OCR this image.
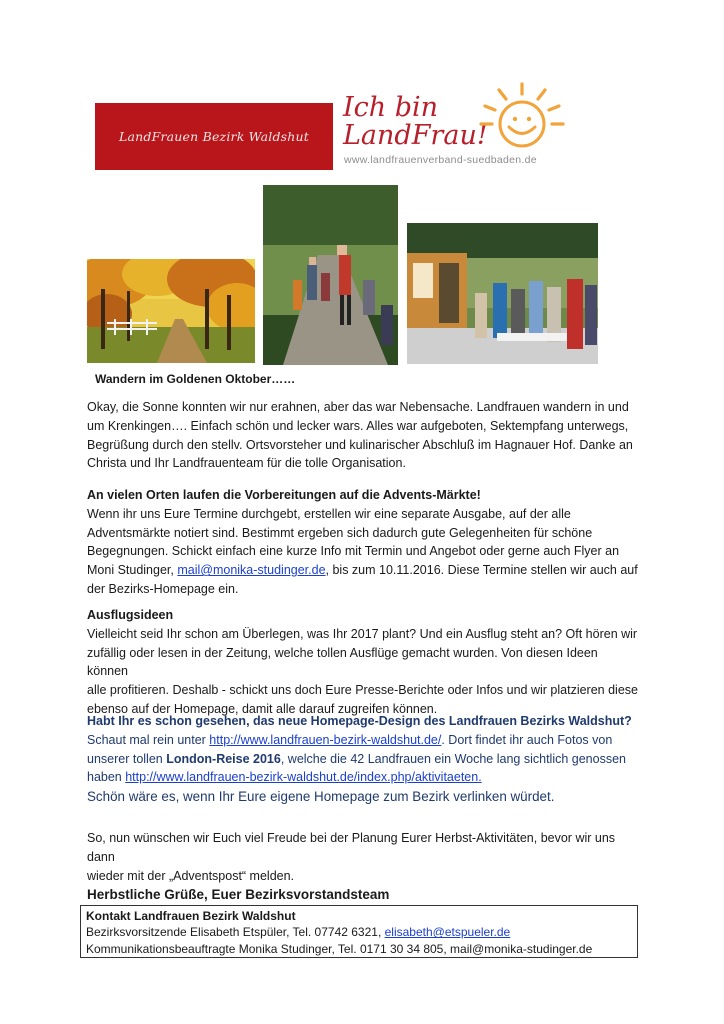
LandFrauen Bezirk Waldshut
Ich bin
LandFrau!
www.landfrauenverband-suedbaden.de
Wandern im Goldenen Oktober……
Okay, die Sonne konnten wir nur erahnen, aber das war Nebensache. Landfrauen wandern in und
um Krenkingen…. Einfach schön und lecker wars. Alles war aufgeboten, Sektempfang unterwegs,
Begrüßung durch den stellv. Ortsvorsteher und kulinarischer Abschluß im Hagnauer Hof. Danke an
Christa und Ihr Landfrauenteam für die tolle Organisation.
An vielen Orten laufen die Vorbereitungen auf die Advents-Märkte!
Wenn ihr uns Eure Termine durchgebt, erstellen wir eine separate Ausgabe, auf der alle
Adventsmärkte notiert sind. Bestimmt ergeben sich dadurch gute Gelegenheiten für schöne
Begegnungen. Schickt einfach eine kurze Info mit Termin und Angebot oder gerne auch Flyer an
Moni Studinger, mail@monika-studinger.de, bis zum 10.11.2016. Diese Termine stellen wir auch auf
der Bezirks-Homepage ein.
Ausflugsideen
Vielleicht seid Ihr schon am Überlegen, was Ihr 2017 plant? Und ein Ausflug steht an? Oft hören wir
zufällig oder lesen in der Zeitung, welche tollen Ausflüge gemacht wurden. Von diesen Ideen können
alle profitieren. Deshalb - schickt uns doch Eure Presse-Berichte oder Infos und wir platzieren diese
ebenso auf der Homepage, damit alle darauf zugreifen können.
Habt Ihr es schon gesehen, das neue Homepage-Design des Landfrauen Bezirks Waldshut?
Schaut mal rein unter http://www.landfrauen-bezirk-waldshut.de/. Dort findet ihr auch Fotos von
unserer tollen London-Reise 2016, welche die 42 Landfrauen ein Woche lang sichtlich genossen
haben http://www.landfrauen-bezirk-waldshut.de/index.php/aktivitaeten.
Schön wäre es, wenn Ihr Eure eigene Homepage zum Bezirk verlinken würdet.
So, nun wünschen wir Euch viel Freude bei der Planung Eurer Herbst-Aktivitäten, bevor wir uns dann
wieder mit der „Adventspost“ melden.
Herbstliche Grüße, Euer Bezirksvorstandsteam
Kontakt Landfrauen Bezirk Waldshut
Bezirksvorsitzende Elisabeth Etspüler, Tel. 07742 6321, elisabeth@etspueler.de
Kommunikationsbeauftragte Monika Studinger, Tel. 0171 30 34 805, mail@monika-studinger.de
